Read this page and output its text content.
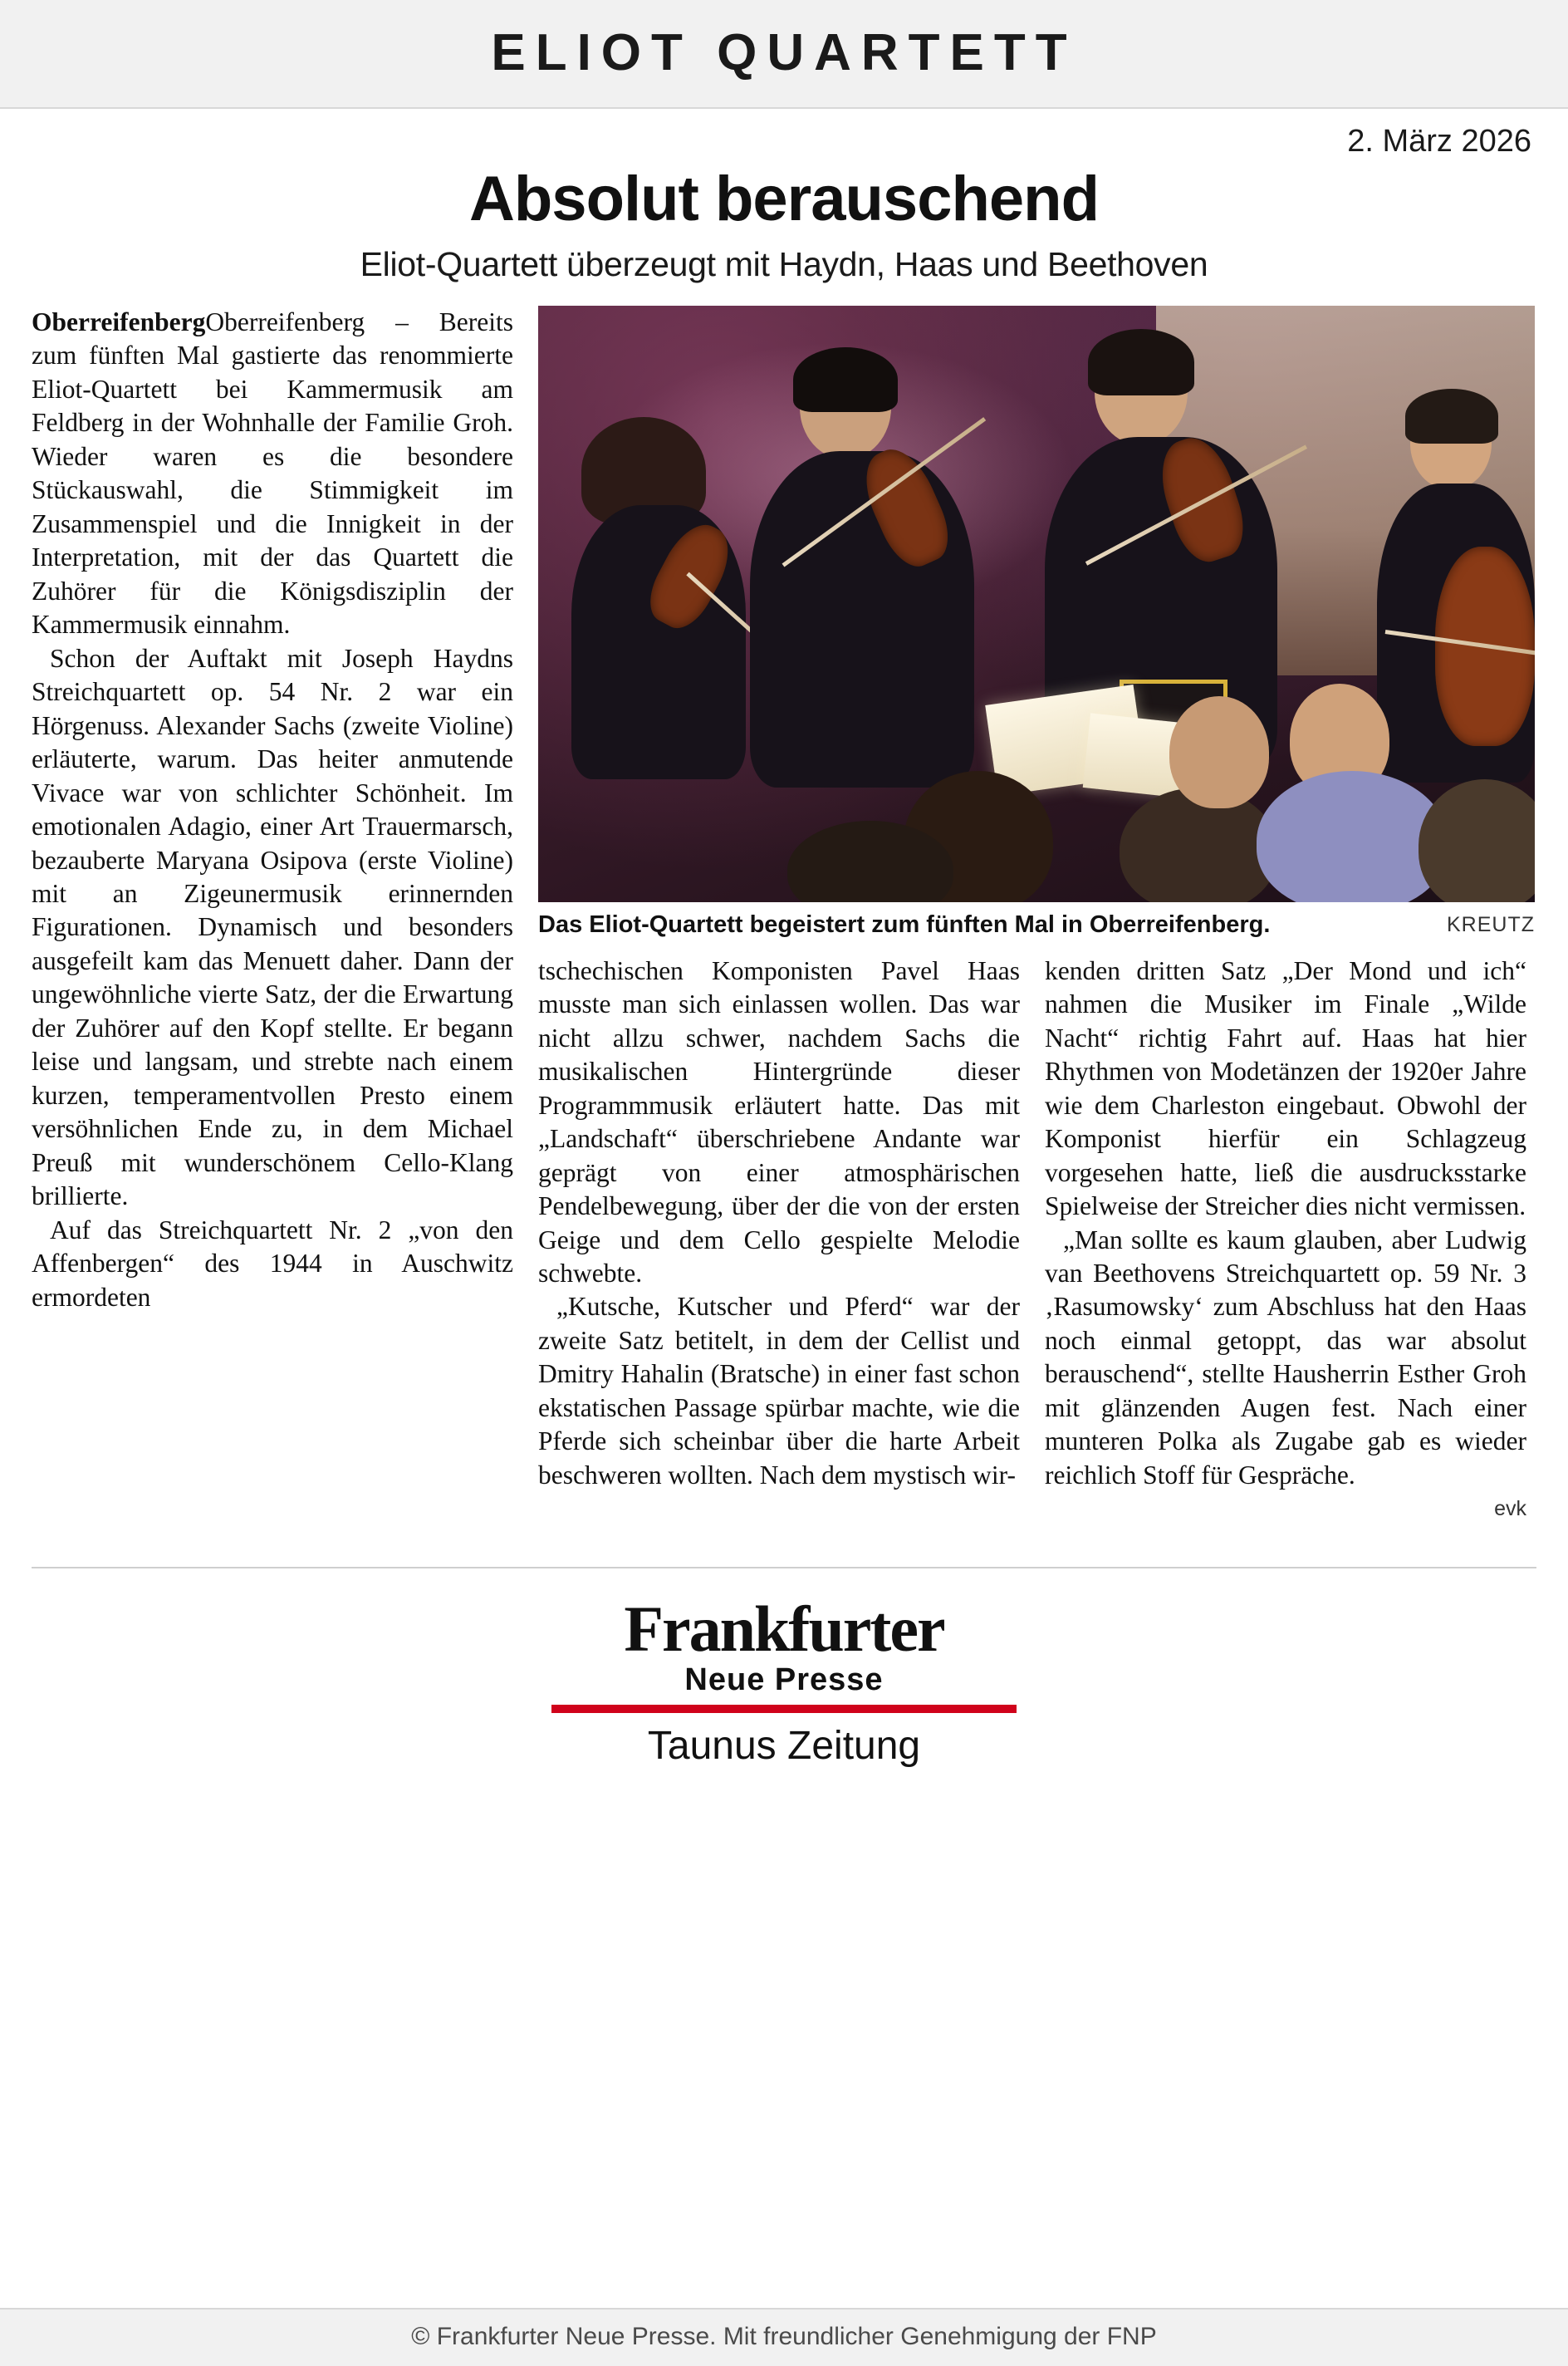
ELIOT QUARTETT
2. März 2026
Absolut berauschend
Eliot-Quartett überzeugt mit Haydn, Haas und Beethoven

OberreifenbergOberreifenberg – Bereits zum fünften Mal gastierte das renommierte Eliot-Quartett bei Kammermusik am Feldberg in der Wohnhalle der Familie Groh. Wieder waren es die besondere Stückauswahl, die Stimmigkeit im Zusammenspiel und die Innigkeit in der Interpretation, mit der das Quartett die Zuhörer für die Königsdisziplin der Kammermusik einnahm.

Schon der Auftakt mit Joseph Haydns Streichquartett op. 54 Nr. 2 war ein Hörgenuss. Alexander Sachs (zweite Violine) erläuterte, warum. Das heiter anmutende Vivace war von schlichter Schönheit. Im emotionalen Adagio, einer Art Trauermarsch, bezauberte Maryana Osipova (erste Violine) mit an Zigeunermusik erinnernden Figurationen. Dynamisch und besonders ausgefeilt kam das Menuett daher. Dann der ungewöhnliche vierte Satz, der die Erwartung der Zuhörer auf den Kopf stellte. Er begann leise und langsam, und strebte nach einem kurzen, temperamentvollen Presto einem versöhnlichen Ende zu, in dem Michael Preuß mit wunderschönem Cello-Klang brillierte.

Auf das Streichquartett Nr. 2 „von den Affenbergen“ des 1944 in Auschwitz ermordeten

KREUTZ
Das Eliot-Quartett begeistert zum fünften Mal in Oberreifenberg.

tschechischen Komponisten Pavel Haas musste man sich einlassen wollen. Das war nicht allzu schwer, nachdem Sachs die musikalischen Hintergründe dieser Programmmusik erläutert hatte. Das mit „Landschaft“ überschriebene Andante war geprägt von einer atmosphärischen Pendelbewegung, über der die von der ersten Geige und dem Cello gespielte Melodie schwebte.

„Kutsche, Kutscher und Pferd“ war der zweite Satz betitelt, in dem der Cellist und Dmitry Hahalin (Bratsche) in einer fast schon ekstatischen Passage spürbar machte, wie die Pferde sich scheinbar über die harte Arbeit beschweren wollten. Nach dem mystisch wir-

kenden dritten Satz „Der Mond und ich“ nahmen die Musiker im Finale „Wilde Nacht“ richtig Fahrt auf. Haas hat hier Rhythmen von Modetänzen der 1920er Jahre wie dem Charleston eingebaut. Obwohl der Komponist hierfür ein Schlagzeug vorgesehen hatte, ließ die ausdrucksstarke Spielweise der Streicher dies nicht vermissen.

„Man sollte es kaum glauben, aber Ludwig van Beethovens Streichquartett op. 59 Nr. 3 ‚Rasumowsky‘ zum Abschluss hat den Haas noch einmal getoppt, das war absolut berauschend“, stellte Hausherrin Esther Groh mit glänzenden Augen fest. Nach einer munteren Polka als Zugabe gab es wieder reichlich Stoff für Gespräche.

evk
Frankfurter
Neue Presse
Taunus Zeitung
© Frankfurter Neue Presse. Mit freundlicher Genehmigung der FNP
